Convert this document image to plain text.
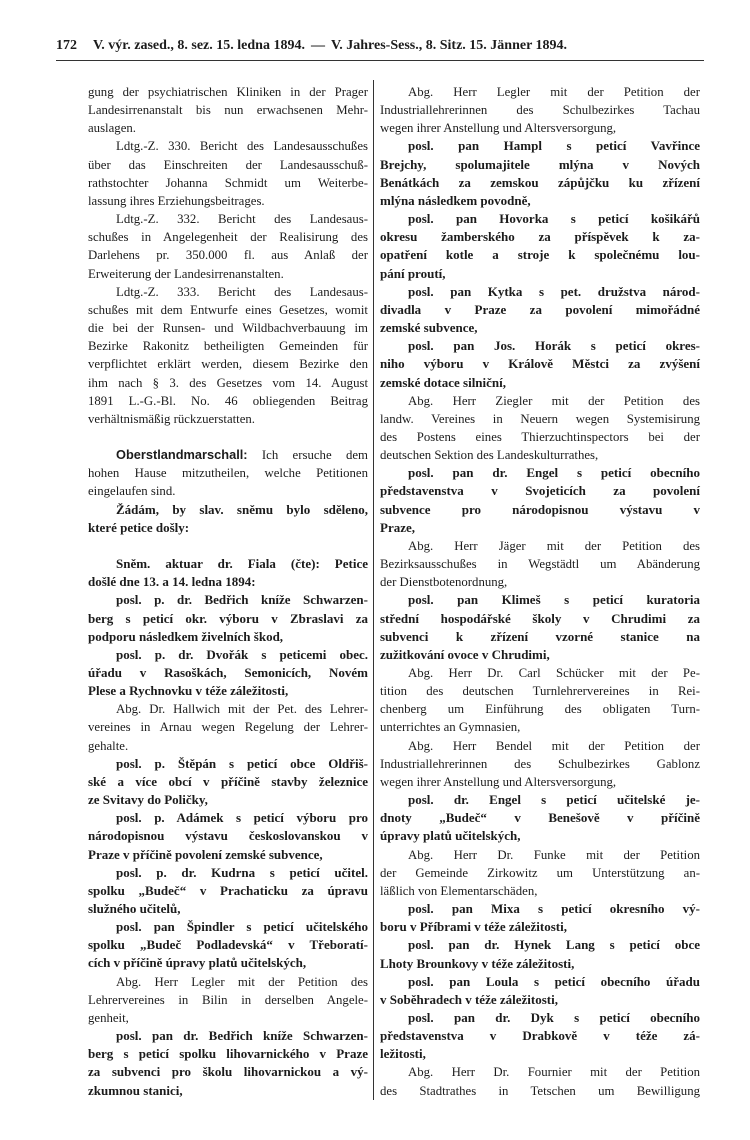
172 V. výr. zased., 8. sez. 15. ledna 1894. — V. Jahres-Sess., 8. Sitz. 15. Jänner 1894.
gung der psychiatrischen Kliniken in der Prager
Landesirrenanstalt bis nun erwachsenen Mehr-
auslagen.
Ldtg.-Z. 330. Bericht des Landesausschußes
über das Einschreiten der Landesausschuß-
rathstochter Johanna Schmidt um Weiterbe-
lassung ihres Erziehungsbeitrages.
Ldtg.-Z. 332. Bericht des Landesaus-
schußes in Angelegenheit der Realisirung des
Darlehens pr. 350.000 fl. aus Anlaß der
Erweiterung der Landesirrenanstalten.
Ldtg.-Z. 333. Bericht des Landesaus-
schußes mit dem Entwurfe eines Gesetzes, womit
die bei der Runsen- und Wildbachverbauung im
Bezirke Rakonitz betheiligten Gemeinden für
verpflichtet erklärt werden, diesem Bezirke den
ihm nach § 3. des Gesetzes vom 14. August
1891 L.-G.-Bl. No. 46 obliegenden Beitrag
verhältnismäßig rückzuerstatten.
Oberstlandmarschall: Ich ersuche dem
hohen Hause mitzutheilen, welche Petitionen
eingelaufen sind.
Žádám, by slav. sněmu bylo sděleno,
které petice došly:
Sněm. aktuar dr. Fiala (čte): Petice
došlé dne 13. a 14. ledna 1894:
posl. p. dr. Bedřich kníže Schwarzen-
berg s peticí okr. výboru v Zbraslavi za
podporu následkem živelních škod,
posl. p. dr. Dvořák s peticemi obec.
úřadu v Rasoškách, Semonicích, Novém
Plese a Rychnovku v téže záležitosti,
Abg. Dr. Hallwich mit der Pet. des Lehrer-
vereines in Arnau wegen Regelung der Lehrer-
gehalte.
posl. p. Štěpán s peticí obce Oldřiš-
ské a více obcí v příčině stavby železnice
ze Svitavy do Poličky,
posl. p. Adámek s peticí výboru pro
národopisnou výstavu českoslovanskou v
Praze v příčině povolení zemské subvence,
posl. p. dr. Kudrna s peticí učitel.
spolku „Budeč“ v Prachaticku za úpravu
služného učitelů,
posl. pan Špindler s peticí učitelského
spolku „Budeč Podladevská“ v Třeboratí-
cích v příčině úpravy platů učitelských,
Abg. Herr Legler mit der Petition des
Lehrervereines in Bilin in derselben Angele-
genheit,
posl. pan dr. Bedřich kníže Schwarzen-
berg s peticí spolku lihovarnického v Praze
za subvenci pro školu lihovarnickou a vý-
zkumnou stanici,
Abg. Herr Legler mit der Petition der
Industriallehrerinnen des Schulbezirkes Tachau
wegen ihrer Anstellung und Altersversorgung,
posl. pan Hampl s peticí Vavřince
Brejchy, spolumajitele mlýna v Nových
Benátkách za zemskou zápůjčku ku zřízení
mlýna následkem povodně,
posl. pan Hovorka s peticí košikářů
okresu žamberského za příspěvek k za-
opatření kotle a stroje k společnému lou-
pání proutí,
posl. pan Kytka s pet. družstva národ-
divadla v Praze za povolení mimořádné
zemské subvence,
posl. pan Jos. Horák s peticí okres-
niho výboru v Králově Městci za zvýšení
zemské dotace silniční,
Abg. Herr Ziegler mit der Petition des
landw. Vereines in Neuern wegen Systemisirung
des Postens eines Thierzuchtinspectors bei der
deutschen Sektion des Landeskulturrathes,
posl. pan dr. Engel s peticí obecního
představenstva v Svojeticích za povolení
subvence pro národopisnou výstavu v
Praze,
Abg. Herr Jäger mit der Petition des
Bezirksausschußes in Wegstädtl um Abänderung
der Dienstbotenordnung,
posl. pan Klimeš s peticí kuratoria
střední hospodářské školy v Chrudimi za
subvenci k zřízení vzorné stanice na
zužitkování ovoce v Chrudimi,
Abg. Herr Dr. Carl Schücker mit der Pe-
tition des deutschen Turnlehrervereines in Rei-
chenberg um Einführung des obligaten Turn-
unterrichtes an Gymnasien,
Abg. Herr Bendel mit der Petition der
Industriallehrerinnen des Schulbezirkes Gablonz
wegen ihrer Anstellung und Altersversorgung,
posl. dr. Engel s peticí učitelské je-
dnoty „Budeč“ v Benešově v příčině
úpravy platů učitelských,
Abg. Herr Dr. Funke mit der Petition
der Gemeinde Zirkowitz um Unterstützung an-
läßlich von Elementarschäden,
posl. pan Mixa s peticí okresního vý-
boru v Příbrami v téže záležitosti,
posl. pan dr. Hynek Lang s peticí obce
Lhoty Brounkovy v téže záležitosti,
posl. pan Loula s peticí obecního úřadu
v Soběhradech v téže záležitosti,
posl. pan dr. Dyk s peticí obecního
představenstva v Drabkově v téže zá-
ležitosti,
Abg. Herr Dr. Fournier mit der Petition
des Stadtrathes in Tetschen um Bewilligung
